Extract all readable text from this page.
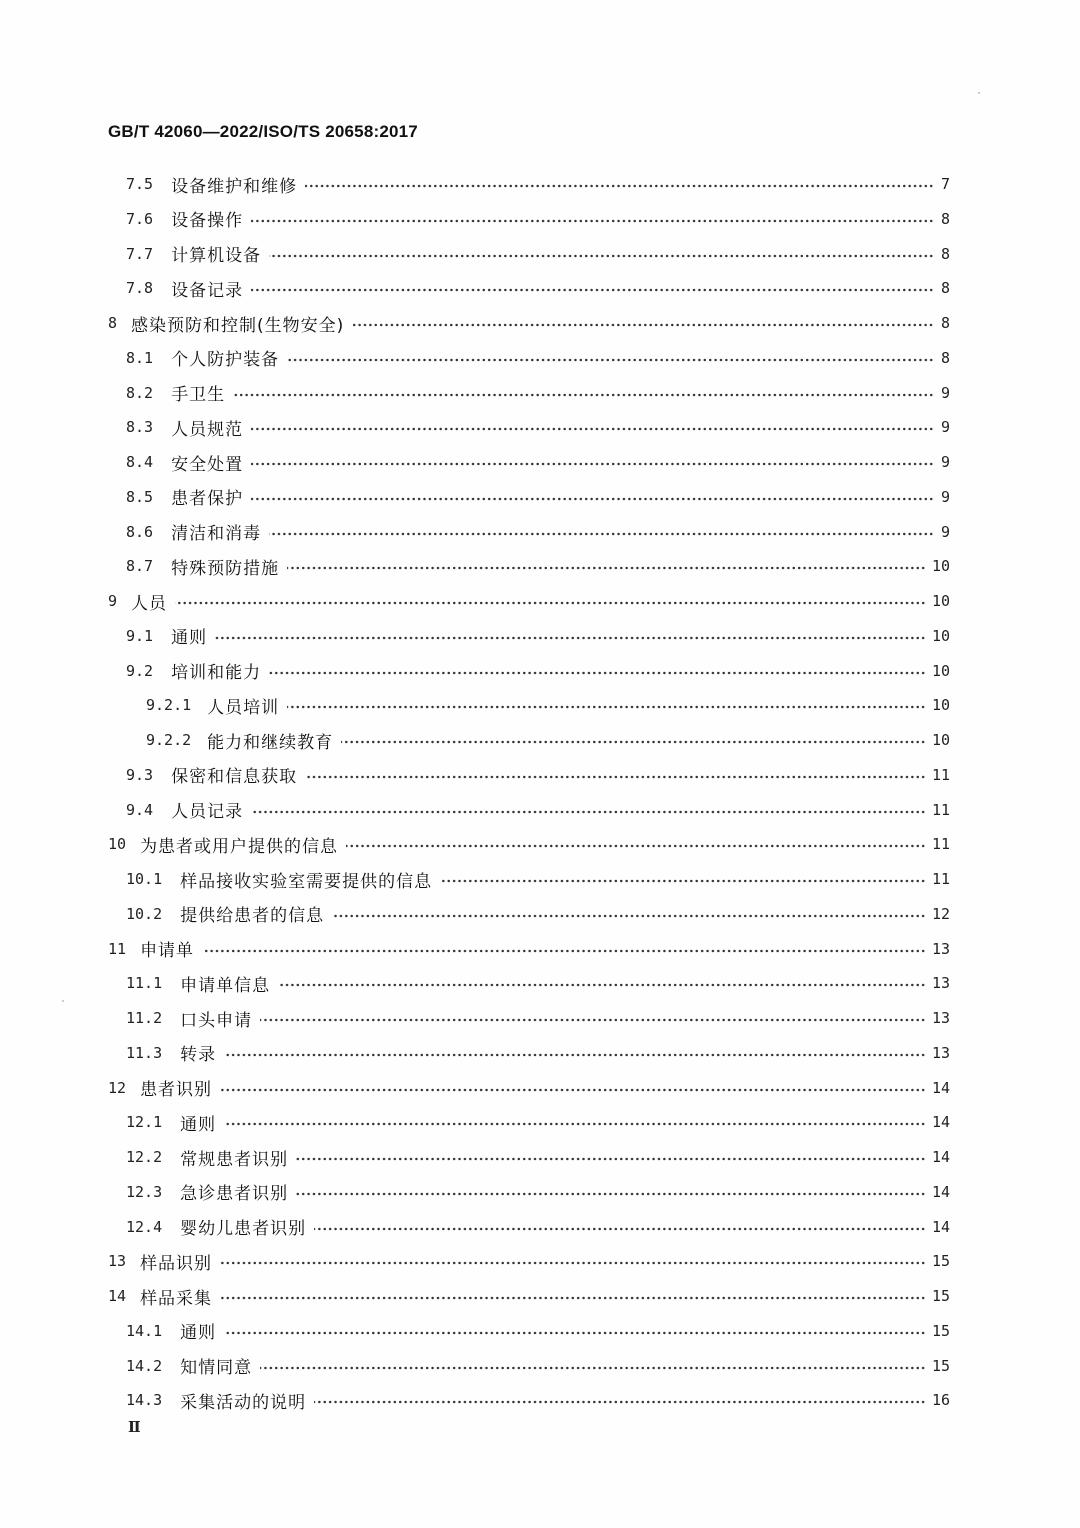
GB/T 42060—2022/ISO/TS 20658:2017
7.5 设备维护和维修	7
7.6 设备操作	8
7.7 计算机设备	8
7.8 设备记录	8
8 感染预防和控制(生物安全)	8
8.1 个人防护装备	8
8.2 手卫生	9
8.3 人员规范	9
8.4 安全处置	9
8.5 患者保护	9
8.6 清洁和消毒	9
8.7 特殊预防措施	10
9 人员	10
9.1 通则	10
9.2 培训和能力	10
9.2.1 人员培训	10
9.2.2 能力和继续教育	10
9.3 保密和信息获取	11
9.4 人员记录	11
10 为患者或用户提供的信息	11
10.1 样品接收实验室需要提供的信息	11
10.2 提供给患者的信息	12
11 申请单	13
11.1 申请单信息	13
11.2 口头申请	13
11.3 转录	13
12 患者识别	14
12.1 通则	14
12.2 常规患者识别	14
12.3 急诊患者识别	14
12.4 婴幼儿患者识别	14
13 样品识别	15
14 样品采集	15
14.1 通则	15
14.2 知情同意	15
14.3 采集活动的说明	16
Ⅱ
